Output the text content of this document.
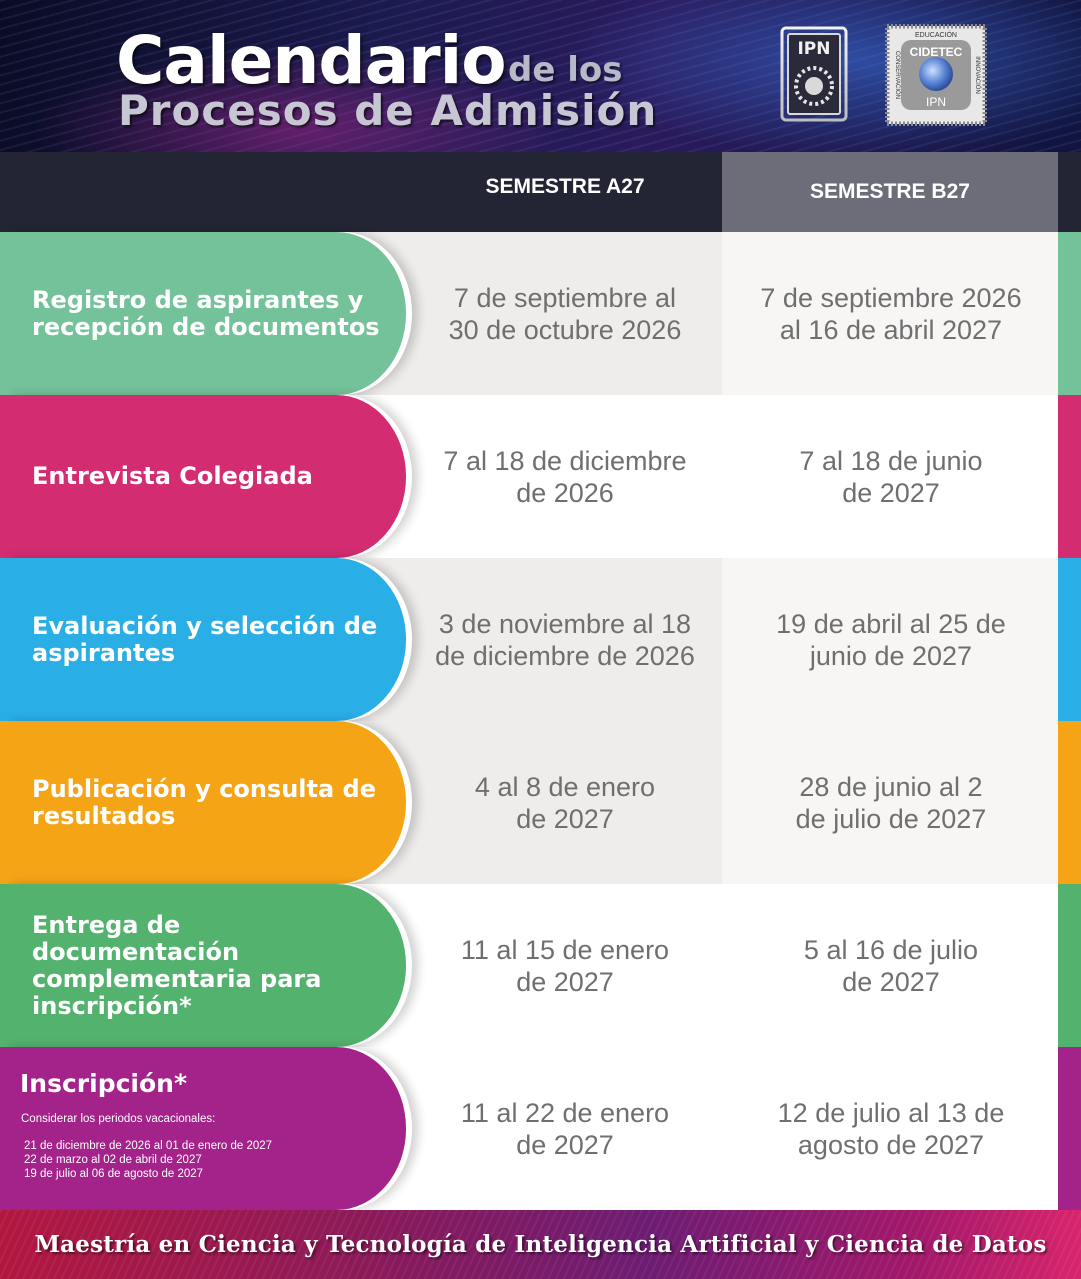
Calendario de los
Procesos de Admisión
IPN
EDUCACIÓN
CIDETEC
IPN
CONSERVACIÓN	INNOVACIÓN
SEMESTRE A27	SEMESTRE B27
Registro de aspirantes y
recepción de documentos
7 de septiembre al
30 de octubre 2026
7 de septiembre 2026
al 16 de abril 2027
Entrevista Colegiada
7 al 18 de diciembre
de 2026
7 al 18 de junio
de 2027
Evaluación y selección de
aspirantes
3 de noviembre al 18
de diciembre de 2026
19 de abril al 25 de
junio de 2027
Publicación y consulta de
resultados
4 al 8 de enero
de 2027
28 de junio al 2
de julio de 2027
Entrega de documentación
complementaria para
inscripción*
11 al 15 de enero
de 2027
5 al 16 de julio
de 2027
Inscripción*
Considerar los periodos vacacionales:
21 de diciembre de 2026 al 01 de enero de 2027
22 de marzo al 02 de abril de 2027
19 de julio al 06 de agosto de 2027
11 al 22 de enero
de 2027
12 de julio al 13 de
agosto de 2027
Maestría en Ciencia y Tecnología de Inteligencia Artificial y Ciencia de Datos
